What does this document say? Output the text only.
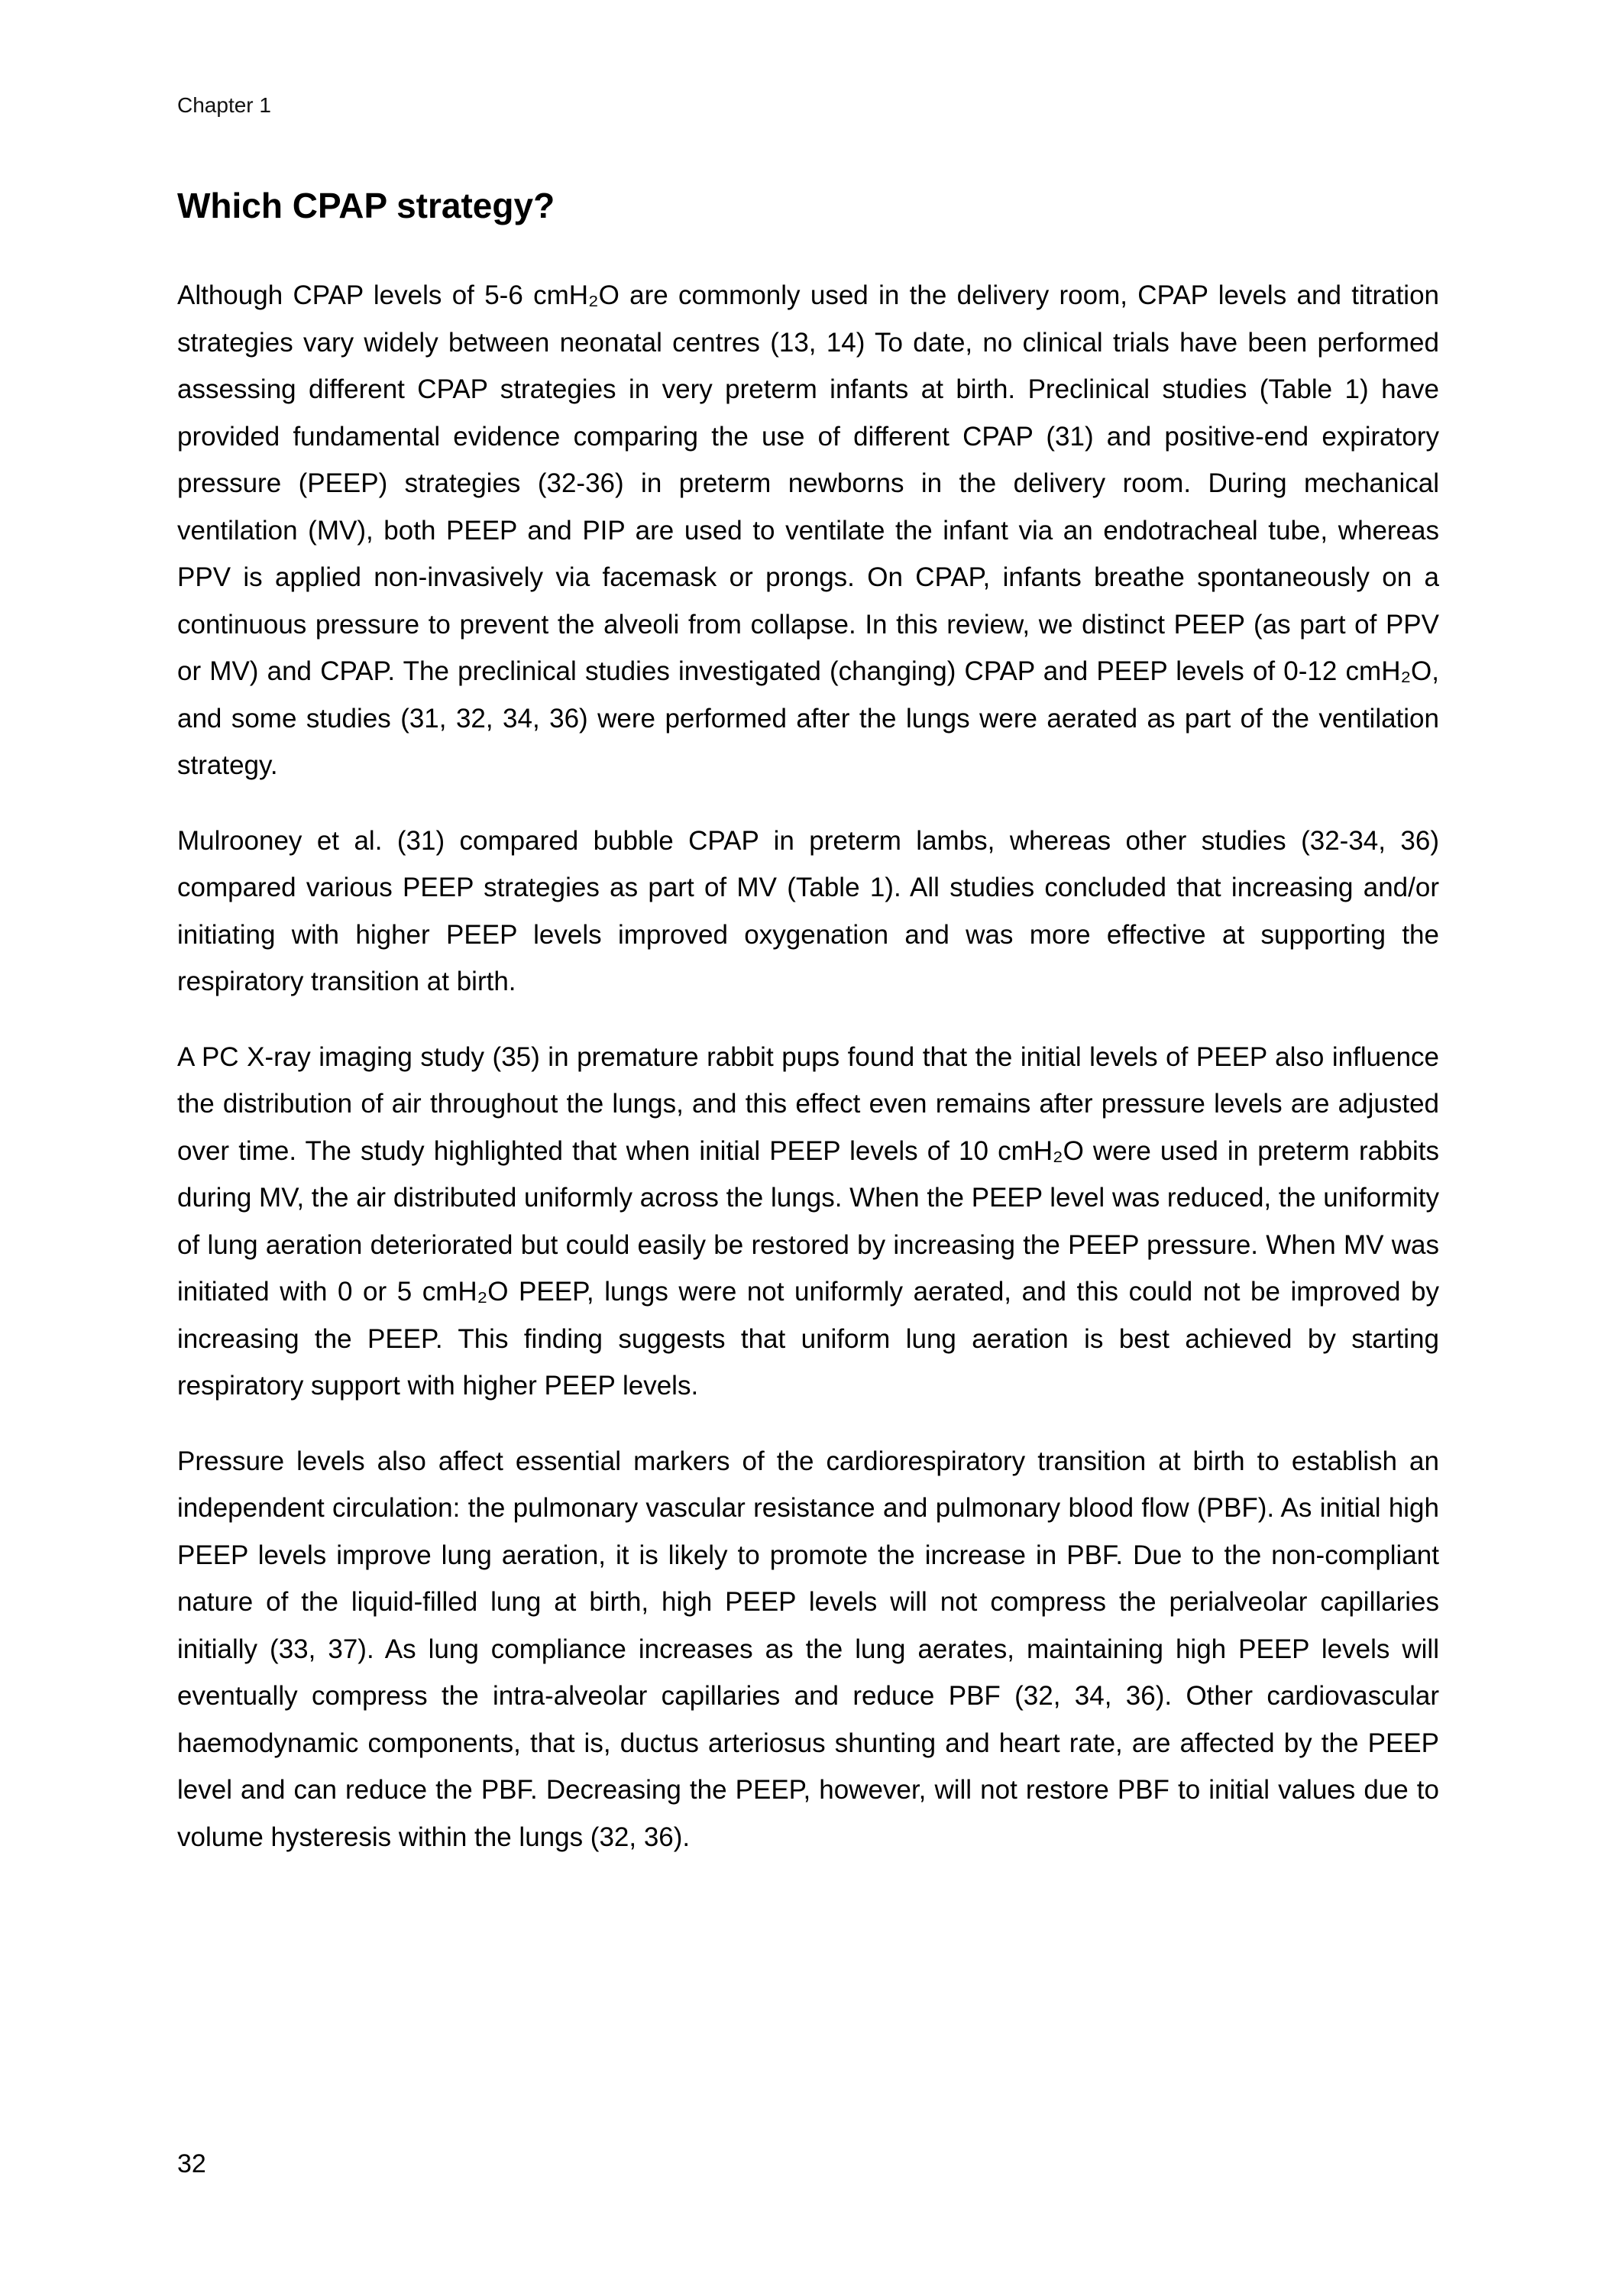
Chapter 1
Which CPAP strategy?

Although CPAP levels of 5-6 cmH₂O are commonly used in the delivery room, CPAP levels and titration strategies vary widely between neonatal centres (13, 14) To date, no clinical trials have been performed assessing different CPAP strategies in very preterm infants at birth. Preclinical studies (Table 1) have provided fundamental evidence comparing the use of different CPAP (31) and positive-end expiratory pressure (PEEP) strategies (32-36) in preterm newborns in the delivery room. During mechanical ventilation (MV), both PEEP and PIP are used to ventilate the infant via an endotracheal tube, whereas PPV is applied non-invasively via facemask or prongs. On CPAP, infants breathe spontaneously on a continuous pressure to prevent the alveoli from collapse. In this review, we distinct PEEP (as part of PPV or MV) and CPAP. The preclinical studies investigated (changing) CPAP and PEEP levels of 0-12 cmH₂O, and some studies (31, 32, 34, 36) were performed after the lungs were aerated as part of the ventilation strategy.

Mulrooney et al. (31) compared bubble CPAP in preterm lambs, whereas other studies (32-34, 36) compared various PEEP strategies as part of MV (Table 1). All studies concluded that increasing and/or initiating with higher PEEP levels improved oxygenation and was more effective at supporting the respiratory transition at birth.

A PC X-ray imaging study (35) in premature rabbit pups found that the initial levels of PEEP also influence the distribution of air throughout the lungs, and this effect even remains after pressure levels are adjusted over time. The study highlighted that when initial PEEP levels of 10 cmH₂O were used in preterm rabbits during MV, the air distributed uniformly across the lungs. When the PEEP level was reduced, the uniformity of lung aeration deteriorated but could easily be restored by increasing the PEEP pressure. When MV was initiated with 0 or 5 cmH₂O PEEP, lungs were not uniformly aerated, and this could not be improved by increasing the PEEP. This finding suggests that uniform lung aeration is best achieved by starting respiratory support with higher PEEP levels.

Pressure levels also affect essential markers of the cardiorespiratory transition at birth to establish an independent circulation: the pulmonary vascular resistance and pulmonary blood flow (PBF). As initial high PEEP levels improve lung aeration, it is likely to promote the increase in PBF. Due to the non-compliant nature of the liquid-filled lung at birth, high PEEP levels will not compress the perialveolar capillaries initially (33, 37). As lung compliance increases as the lung aerates, maintaining high PEEP levels will eventually compress the intra-alveolar capillaries and reduce PBF (32, 34, 36). Other cardiovascular haemodynamic components, that is, ductus arteriosus shunting and heart rate, are affected by the PEEP level and can reduce the PBF. Decreasing the PEEP, however, will not restore PBF to initial values due to volume hysteresis within the lungs (32, 36).

32
